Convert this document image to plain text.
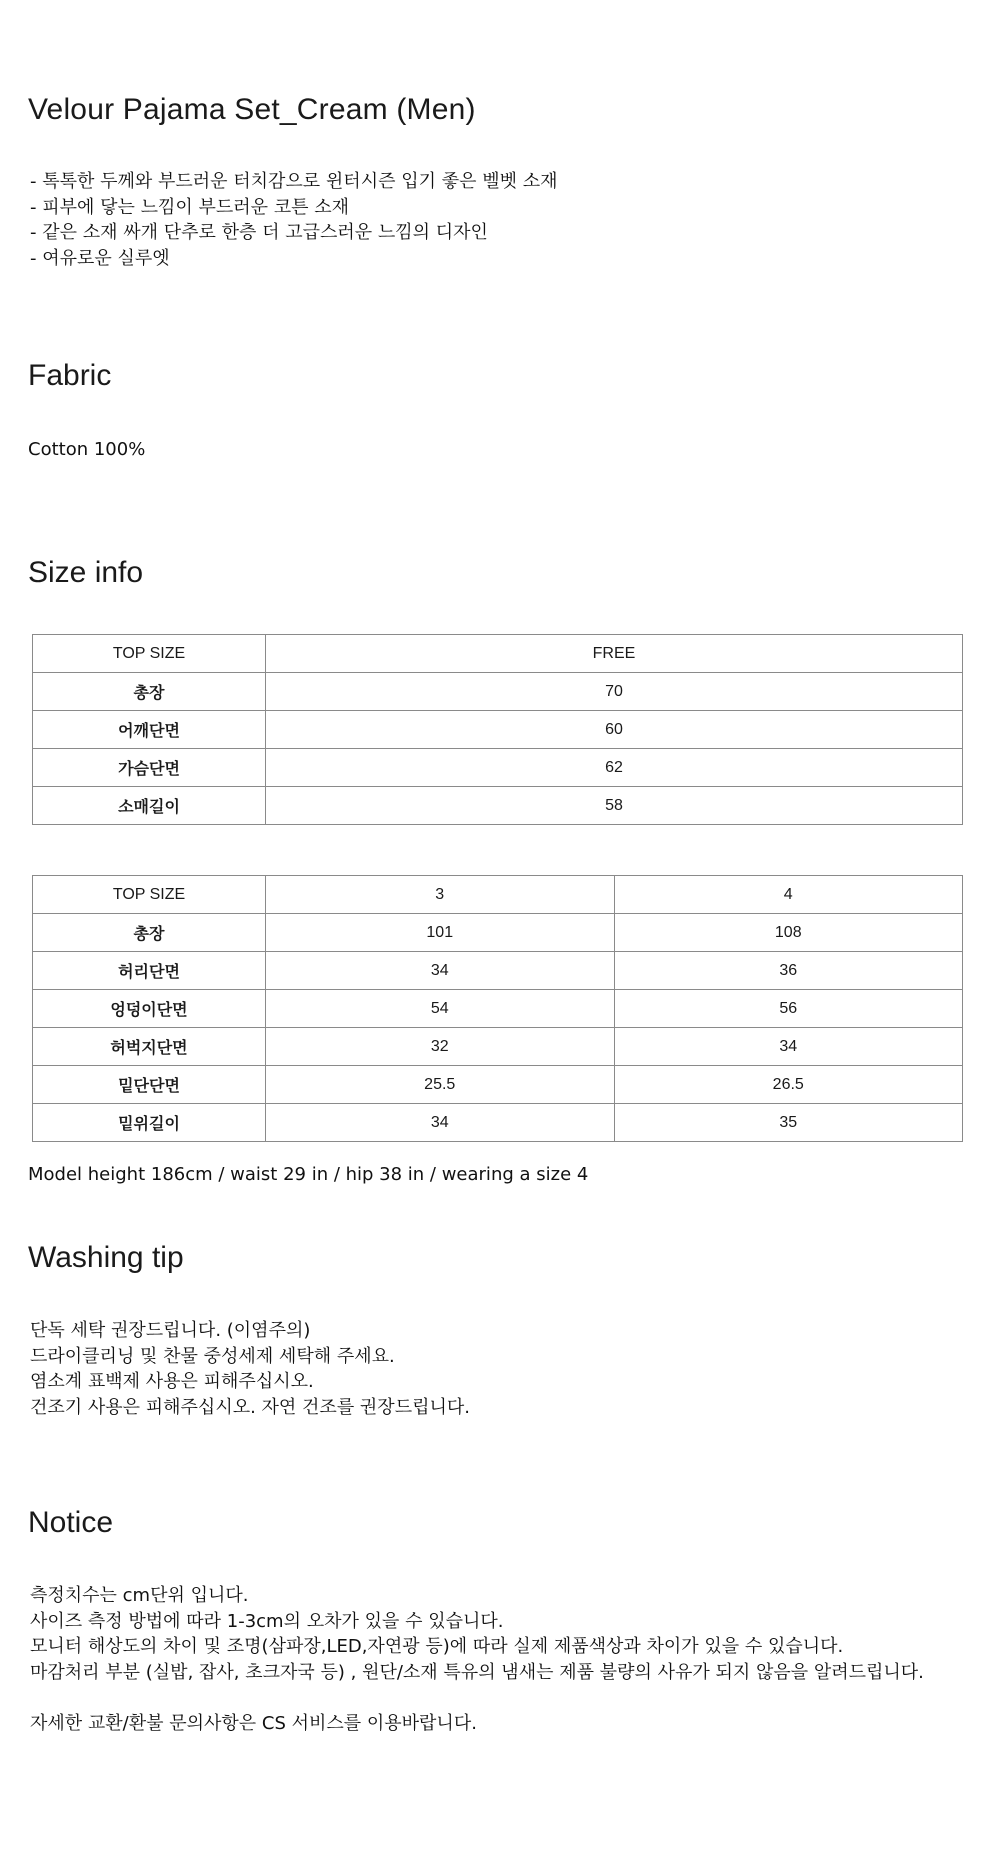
Velour Pajama Set_Cream (Men)
- 톡톡한 두께와 부드러운 터치감으로 윈터시즌 입기 좋은 벨벳 소재
- 피부에 닿는 느낌이 부드러운 코튼 소재
- 같은 소재 싸개 단추로 한층 더 고급스러운 느낌의 디자인
- 여유로운 실루엣
Fabric
Cotton 100%
Size info
TOP SIZE	FREE
총장	70
어깨단면	60
가슴단면	62
소매길이	58
TOP SIZE	3	4
총장	101	108
허리단면	34	36
엉덩이단면	54	56
허벅지단면	32	34
밑단단면	25.5	26.5
밑위길이	34	35
Model height 186cm / waist 29 in / hip 38 in / wearing a size 4
Washing tip
단독 세탁 권장드립니다. (이염주의)
드라이클리닝 및 찬물 중성세제 세탁해 주세요.
염소계 표백제 사용은 피해주십시오.
건조기 사용은 피해주십시오. 자연 건조를 권장드립니다.
Notice
측정치수는 cm단위 입니다.
사이즈 측정 방법에 따라 1-3cm의 오차가 있을 수 있습니다.
모니터 해상도의 차이 및 조명(삼파장,LED,자연광 등)에 따라 실제 제품색상과 차이가 있을 수 있습니다.
마감처리 부분 (실밥, 잡사, 초크자국 등) , 원단/소재 특유의 냄새는 제품 불량의 사유가 되지 않음을 알려드립니다.
자세한 교환/환불 문의사항은 CS 서비스를 이용바랍니다.
